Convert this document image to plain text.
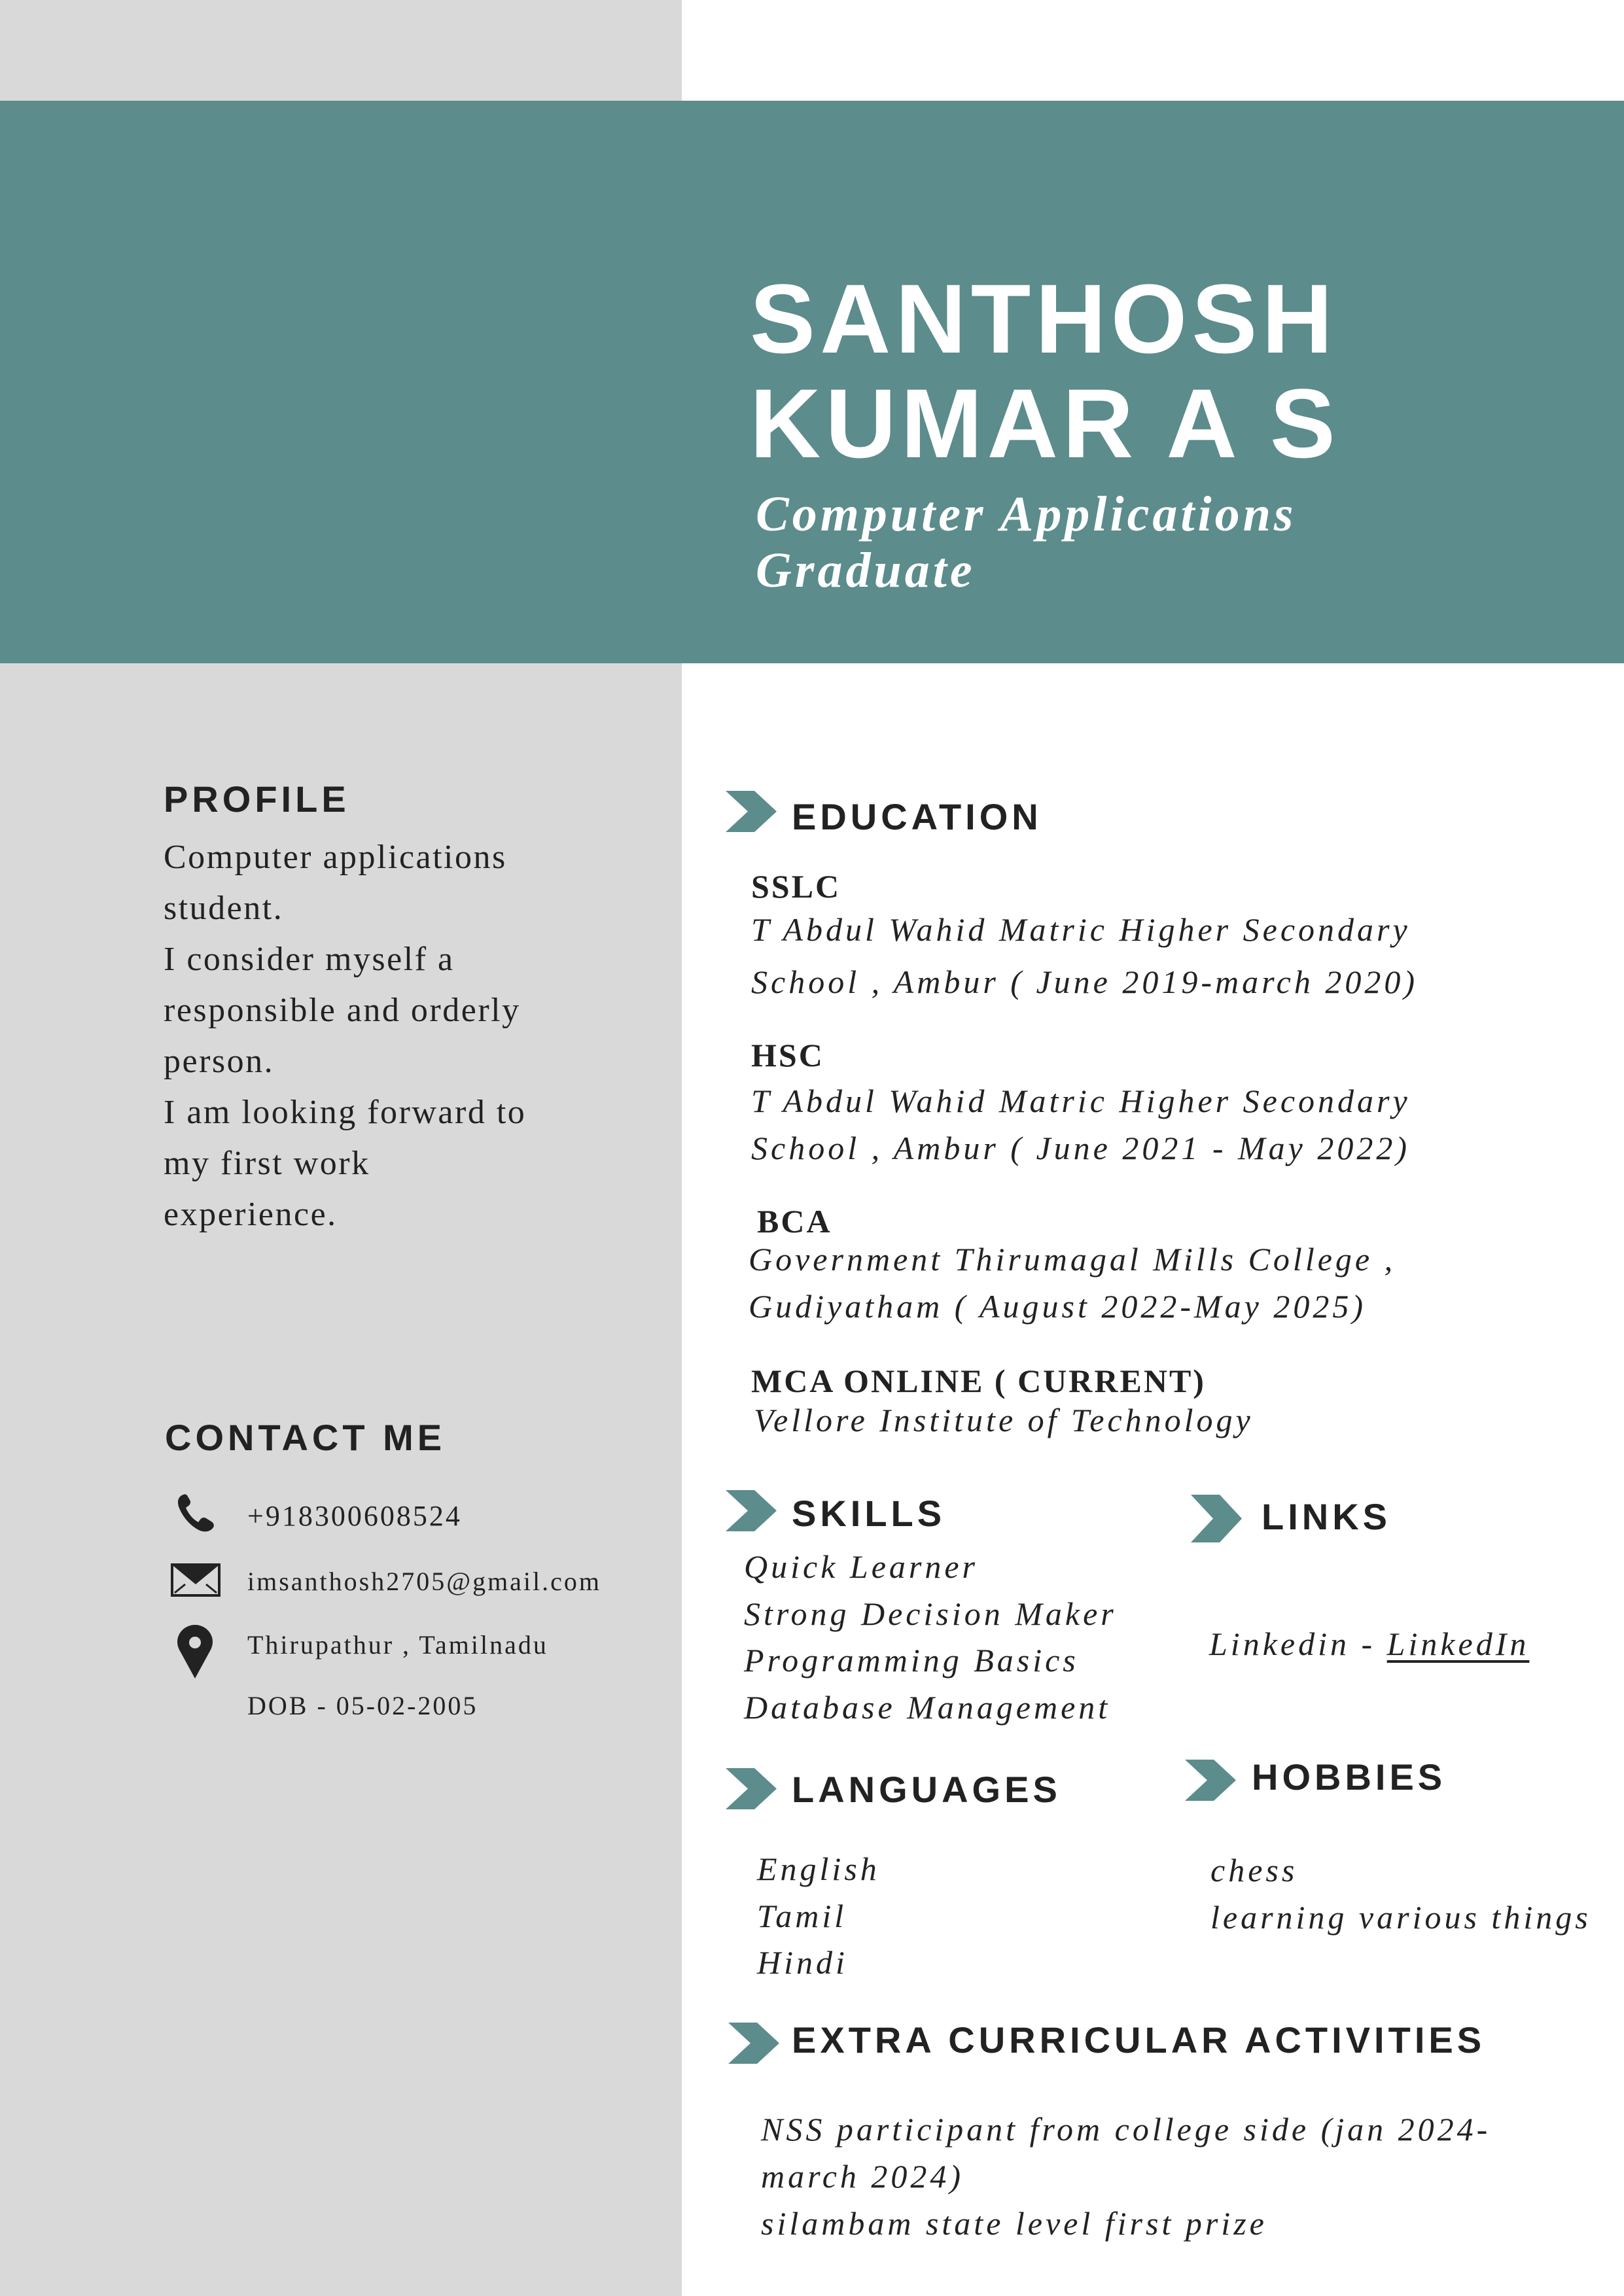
SANTHOSH
KUMAR A S
Computer Applications
Graduate
PROFILE
Computer applications
student.
I consider myself a
responsible and orderly
person.
I am looking forward to
my first work
experience.
CONTACT ME
+918300608524
imsanthosh2705@gmail.com
Thirupathur , Tamilnadu
DOB - 05-02-2005
EDUCATION
SSLC
T Abdul Wahid Matric Higher Secondary
School , Ambur ( June 2019-march 2020)
HSC
T Abdul Wahid Matric Higher Secondary
School , Ambur ( June 2021 - May 2022)
BCA
Government Thirumagal Mills College ,
Gudiyatham ( August 2022-May 2025)
MCA ONLINE ( CURRENT)
Vellore Institute of Technology
SKILLS
Quick Learner
Strong Decision Maker
Programming Basics
Database Management
LINKS
Linkedin - LinkedIn
LANGUAGES
English
Tamil
Hindi
HOBBIES
chess
learning various things
EXTRA CURRICULAR ACTIVITIES
NSS participant from college side (jan 2024-
march 2024)
silambam state level first prize
